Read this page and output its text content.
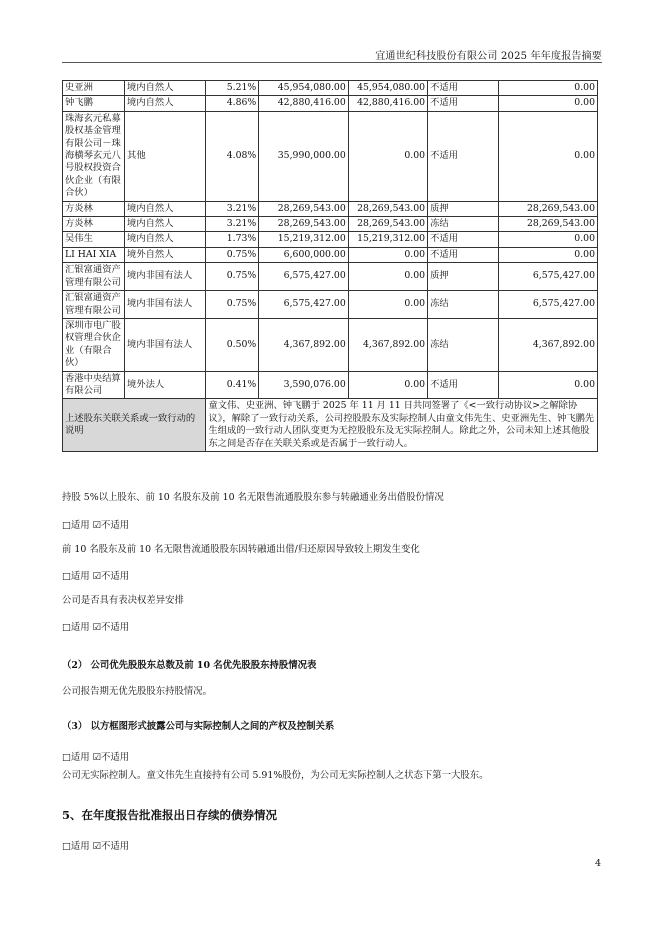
宜通世纪科技股份有限公司 2025 年年度报告摘要
史亚洲	境内自然人	5.21%	45,954,080.00	45,954,080.00	不适用	0.00
钟飞鹏	境内自然人	4.86%	42,880,416.00	42,880,416.00	不适用	0.00
珠海玄元私募股权基金管理有限公司－珠海横琴玄元八号股权投资合伙企业（有限合伙）	其他	4.08%	35,990,000.00	0.00	不适用	0.00
方炎林	境内自然人	3.21%	28,269,543.00	28,269,543.00	质押	28,269,543.00
方炎林	境内自然人	3.21%	28,269,543.00	28,269,543.00	冻结	28,269,543.00
吴伟生	境内自然人	1.73%	15,219,312.00	15,219,312.00	不适用	0.00
LI HAI XIA	境外自然人	0.75%	6,600,000.00	0.00	不适用	0.00
汇银富通资产管理有限公司	境内非国有法人	0.75%	6,575,427.00	0.00	质押	6,575,427.00
汇银富通资产管理有限公司	境内非国有法人	0.75%	6,575,427.00	0.00	冻结	6,575,427.00
深圳市电广股权管理合伙企业（有限合伙）	境内非国有法人	0.50%	4,367,892.00	4,367,892.00	冻结	4,367,892.00
香港中央结算有限公司	境外法人	0.41%	3,590,076.00	0.00	不适用	0.00
上述股东关联关系或一致行动的说明		童文伟、史亚洲、钟飞鹏于 2025 年 11 月 11 日共同签署了《<一致行动协议>之解除协议》，解除了一致行动关系，公司控股股东及实际控制人由童文伟先生、史亚洲先生、钟飞鹏先生组成的一致行动人团队变更为无控股股东及无实际控制人。除此之外，公司未知上述其他股东之间是否存在关联关系或是否属于一致行动人。				
持股 5%以上股东、前 10 名股东及前 10 名无限售流通股股东参与转融通业务出借股份情况
□适用 ☑不适用
前 10 名股东及前 10 名无限售流通股股东因转融通出借/归还原因导致较上期发生变化
□适用 ☑不适用
公司是否具有表决权差异安排
□适用 ☑不适用
（2） 公司优先股股东总数及前 10 名优先股股东持股情况表
公司报告期无优先股股东持股情况。
（3） 以方框图形式披露公司与实际控制人之间的产权及控制关系
□适用 ☑不适用
公司无实际控制人。童文伟先生直接持有公司 5.91%股份，为公司无实际控制人之状态下第一大股东。
5、在年度报告批准报出日存续的债券情况
□适用 ☑不适用
4
